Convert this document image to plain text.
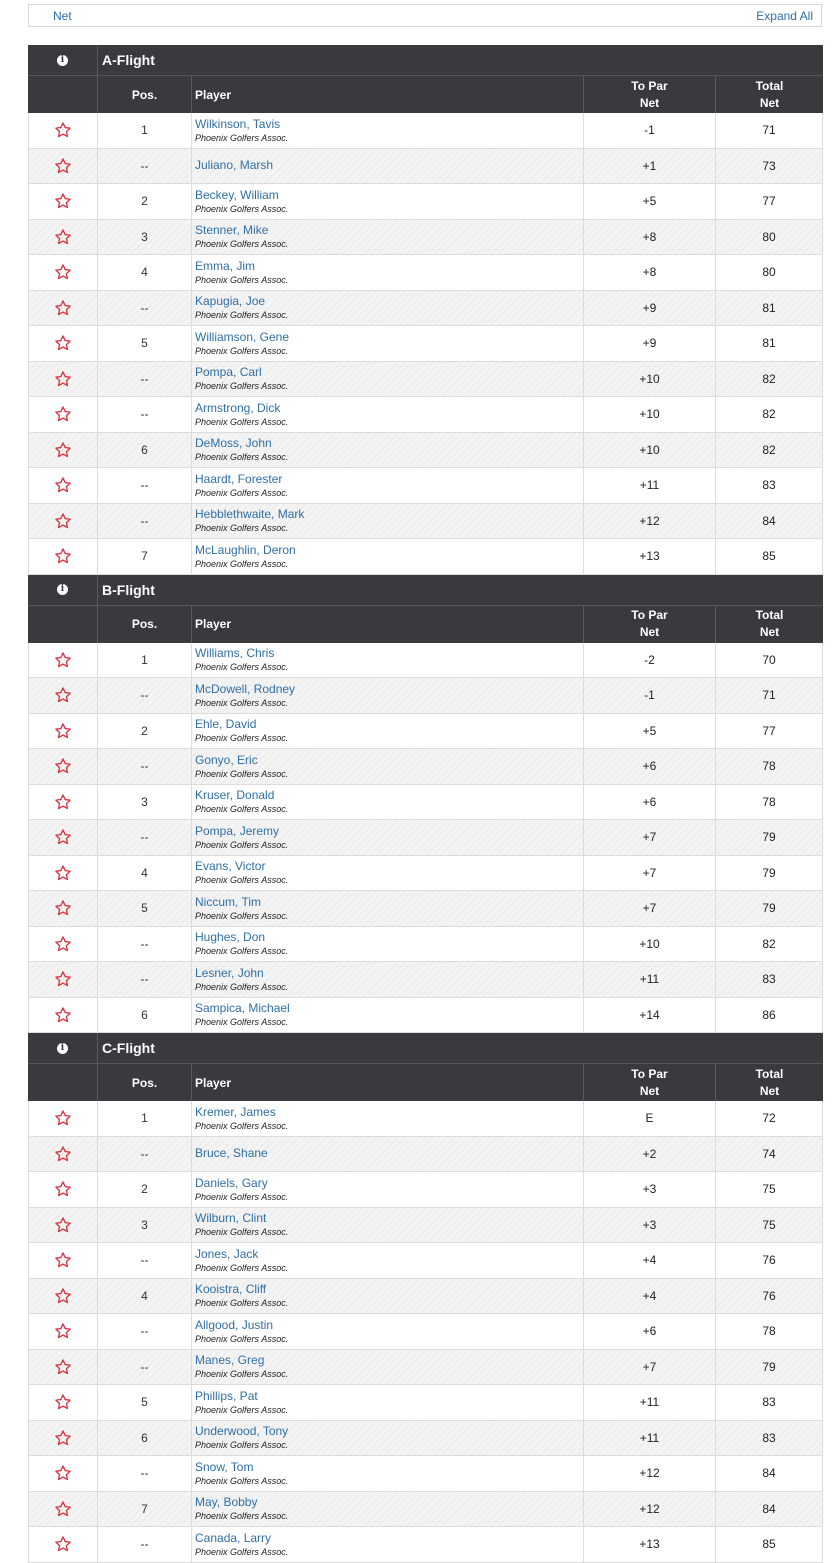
Net	Expand All
i	A-Flight
Pos.	Player
To Par
Net
Total
Net
1	Wilkinson, Tavis
Phoenix Golfers Assoc.
-1	71
--	Juliano, Marsh	+1	73
2	Beckey, William
Phoenix Golfers Assoc.
+5	77
3	Stenner, Mike
Phoenix Golfers Assoc.
+8	80
4	Emma, Jim
Phoenix Golfers Assoc.
+8	80
--	Kapugia, Joe
Phoenix Golfers Assoc.
+9	81
5	Williamson, Gene
Phoenix Golfers Assoc.
+9	81
--	Pompa, Carl
Phoenix Golfers Assoc.
+10	82
--	Armstrong, Dick
Phoenix Golfers Assoc.
+10	82
6	DeMoss, John
Phoenix Golfers Assoc.
+10	82
--	Haardt, Forester
Phoenix Golfers Assoc.
+11	83
--	Hebblethwaite, Mark
Phoenix Golfers Assoc.
+12	84
7	McLaughlin, Deron
Phoenix Golfers Assoc.
+13	85
i	B-Flight
Pos.	Player
To Par
Net
Total
Net
1	Williams, Chris
Phoenix Golfers Assoc.
-2	70
--	McDowell, Rodney
Phoenix Golfers Assoc.
-1	71
2	Ehle, David
Phoenix Golfers Assoc.
+5	77
--	Gonyo, Eric
Phoenix Golfers Assoc.
+6	78
3	Kruser, Donald
Phoenix Golfers Assoc.
+6	78
--	Pompa, Jeremy
Phoenix Golfers Assoc.
+7	79
4	Evans, Victor
Phoenix Golfers Assoc.
+7	79
5	Niccum, Tim
Phoenix Golfers Assoc.
+7	79
--	Hughes, Don
Phoenix Golfers Assoc.
+10	82
--	Lesner, John
Phoenix Golfers Assoc.
+11	83
6	Sampica, Michael
Phoenix Golfers Assoc.
+14	86
i	C-Flight
Pos.	Player
To Par
Net
Total
Net
1	Kremer, James
Phoenix Golfers Assoc.
E	72
--	Bruce, Shane	+2	74
2	Daniels, Gary
Phoenix Golfers Assoc.
+3	75
3	Wilburn, Clint
Phoenix Golfers Assoc.
+3	75
--	Jones, Jack
Phoenix Golfers Assoc.
+4	76
4	Kooistra, Cliff
Phoenix Golfers Assoc.
+4	76
--	Allgood, Justin
Phoenix Golfers Assoc.
+6	78
--	Manes, Greg
Phoenix Golfers Assoc.
+7	79
5	Phillips, Pat
Phoenix Golfers Assoc.
+11	83
6	Underwood, Tony
Phoenix Golfers Assoc.
+11	83
--	Snow, Tom
Phoenix Golfers Assoc.
+12	84
7	May, Bobby
Phoenix Golfers Assoc.
+12	84
--	Canada, Larry
Phoenix Golfers Assoc.
+13	85
